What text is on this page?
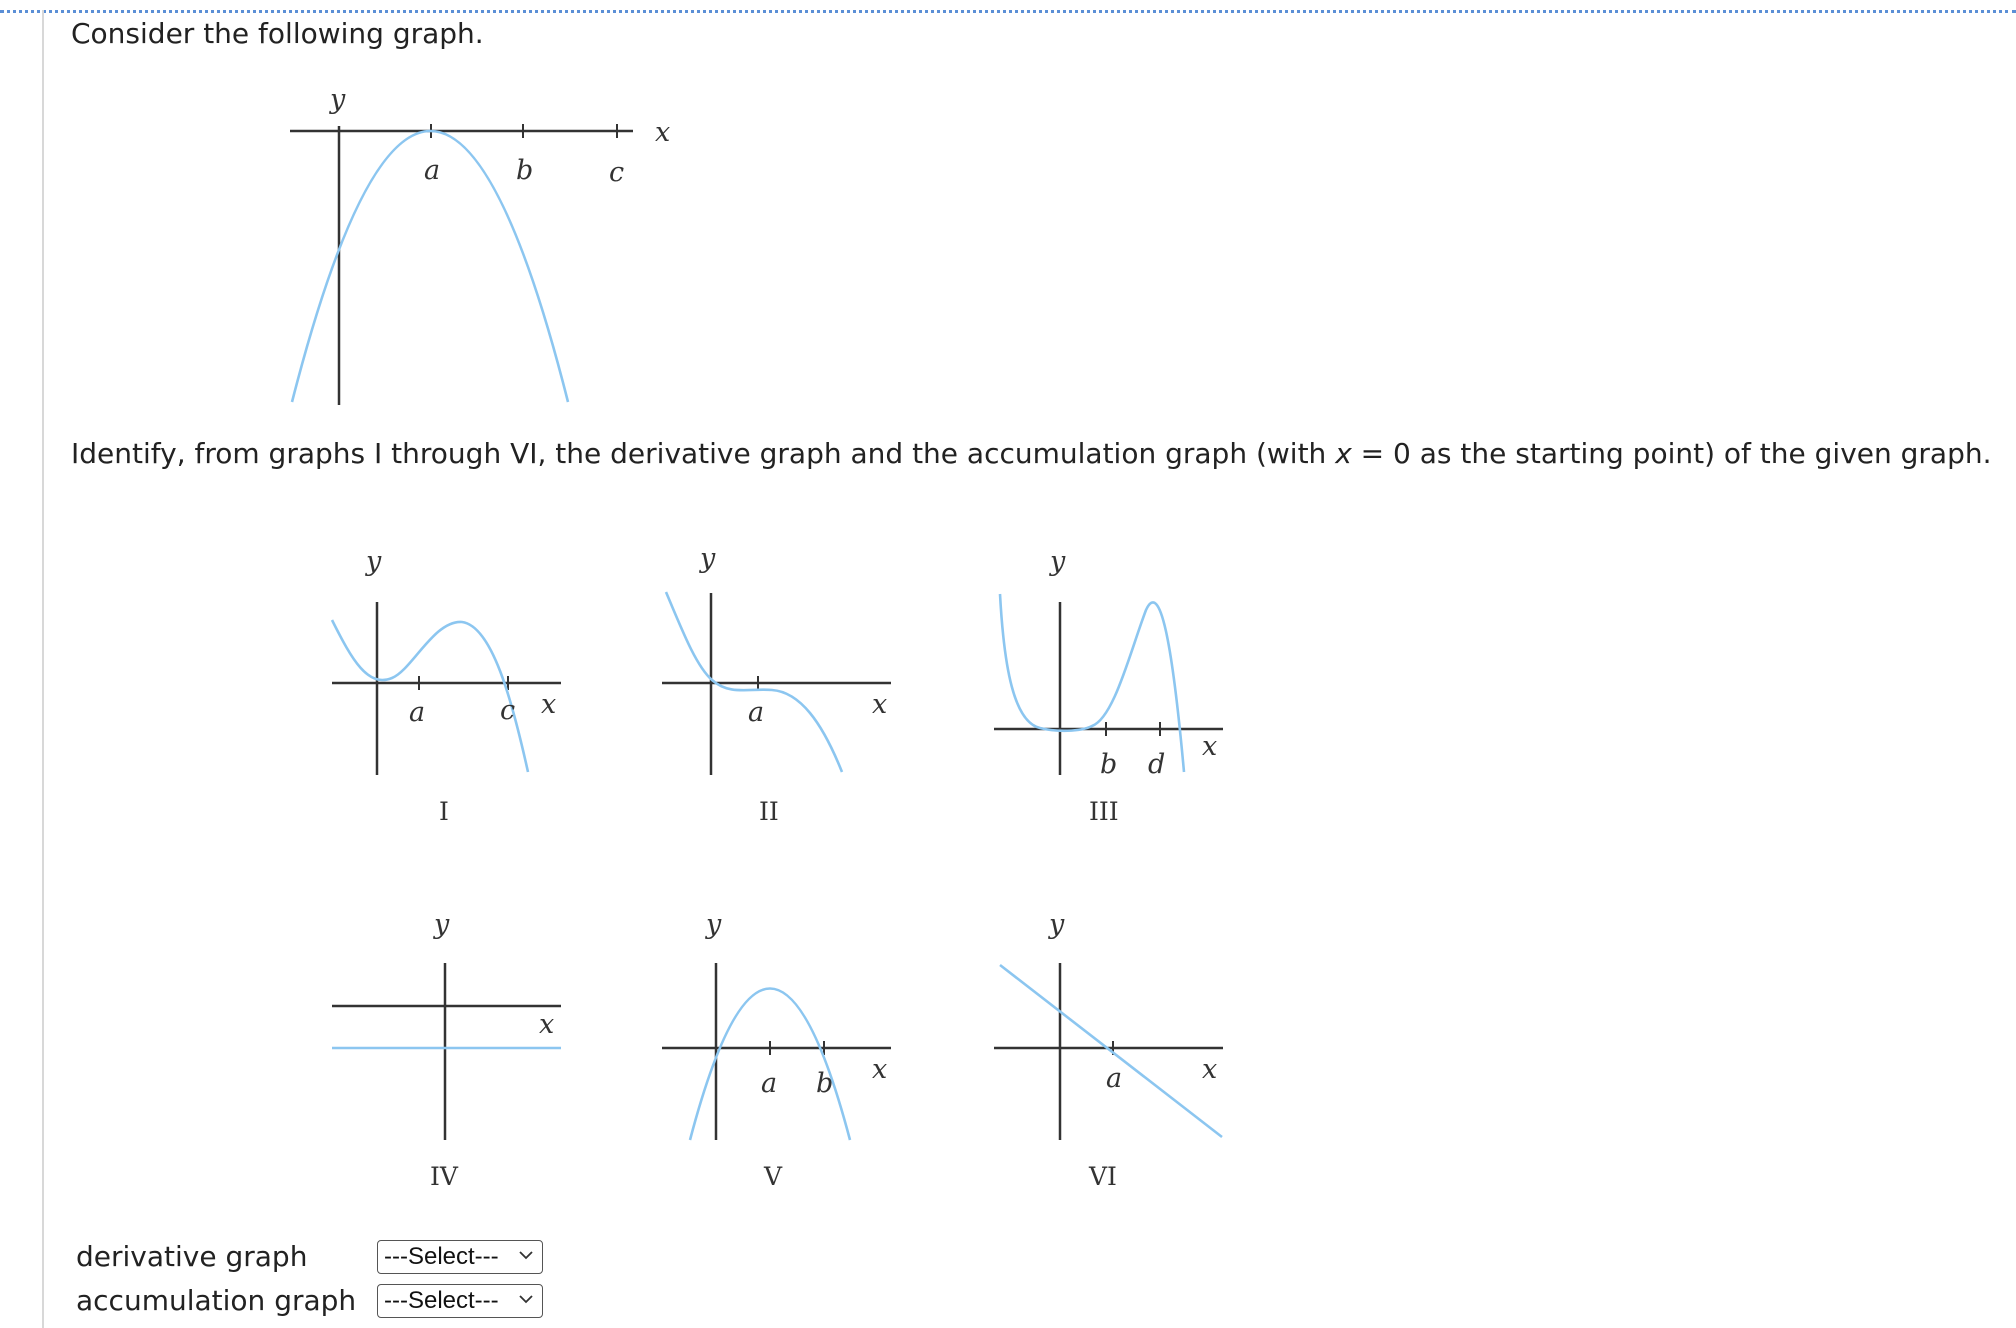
Consider the following graph.
y
x
a	b	c
Identify, from graphs I through VI, the derivative graph and the accumulation graph (with x = 0 as the starting point) of the given graph.
y
x
a	c
I
y
x
a
II
y
x
b d
III
y
x
IV
y
x
a b
V
y
x
a
VI
derivative graph	---Select---
accumulation graph ---Select---
